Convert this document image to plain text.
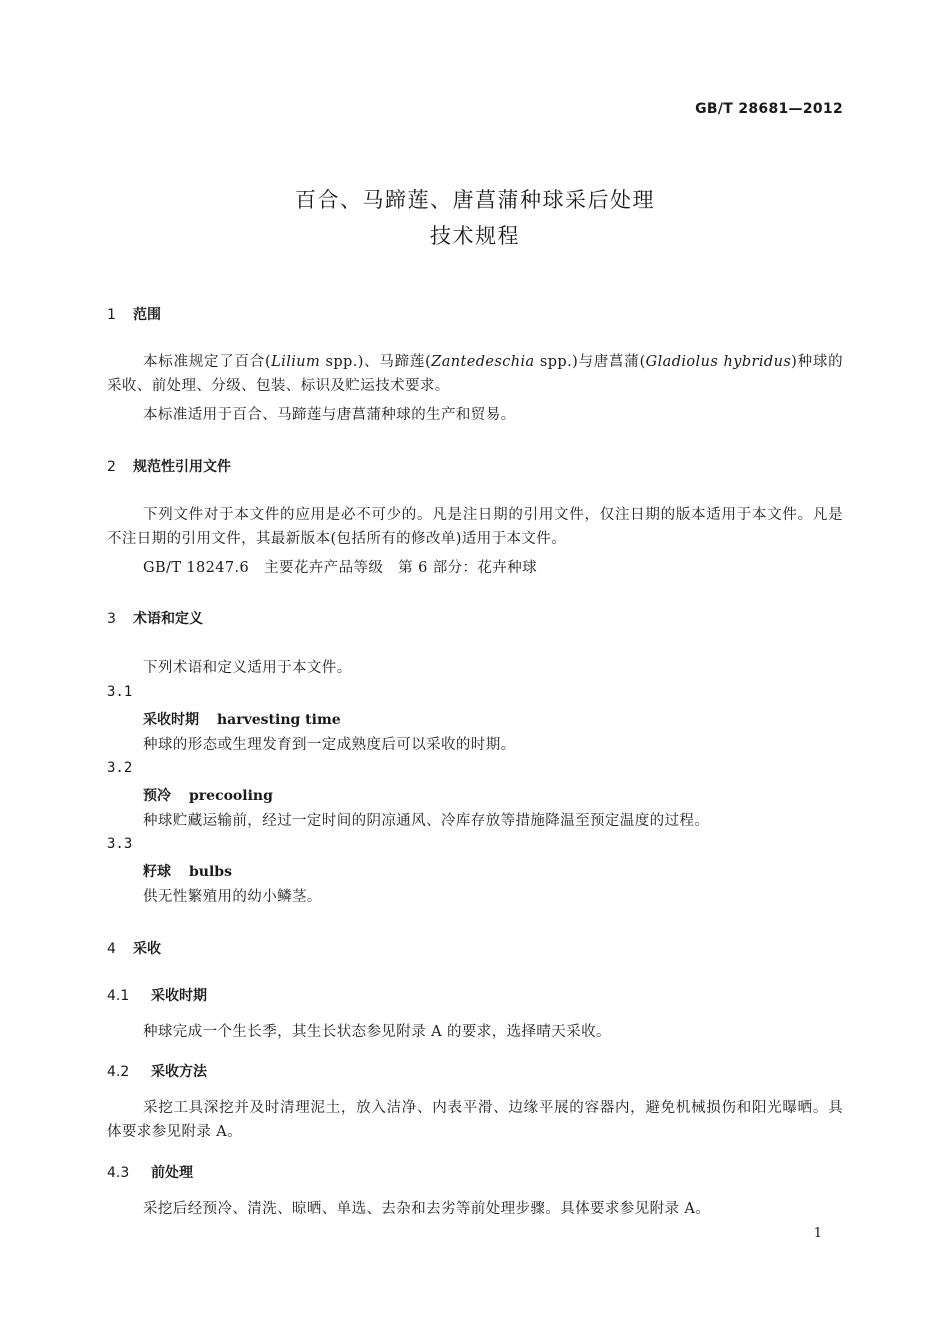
GB/T 28681—2012
百合、马蹄莲、唐菖蒲种球采后处理
技术规程
1 范围
本标准规定了百合(Lilium spp.)、马蹄莲(Zantedeschia spp.)与唐菖蒲(Gladiolus hybridus)种球的采收、前处理、分级、包装、标识及贮运技术要求。
本标准适用于百合、马蹄莲与唐菖蒲种球的生产和贸易。
2 规范性引用文件
下列文件对于本文件的应用是必不可少的。凡是注日期的引用文件，仅注日期的版本适用于本文件。凡是不注日期的引用文件，其最新版本(包括所有的修改单)适用于本文件。
GB/T 18247.6　主要花卉产品等级　第 6 部分：花卉种球
3 术语和定义
下列术语和定义适用于本文件。
3.1
采收时期 harvesting time
种球的形态或生理发育到一定成熟度后可以采收的时期。
3.2
预冷 precooling
种球贮藏运输前，经过一定时间的阴凉通风、冷库存放等措施降温至预定温度的过程。
3.3
籽球 bulbs
供无性繁殖用的幼小鳞茎。
4 采收
4.1 采收时期
种球完成一个生长季，其生长状态参见附录 A 的要求，选择晴天采收。
4.2 采收方法
采挖工具深挖并及时清理泥土，放入洁净、内表平滑、边缘平展的容器内，避免机械损伤和阳光曝晒。具体要求参见附录 A。
4.3 前处理
采挖后经预冷、清洗、晾晒、单选、去杂和去劣等前处理步骤。具体要求参见附录 A。
1
